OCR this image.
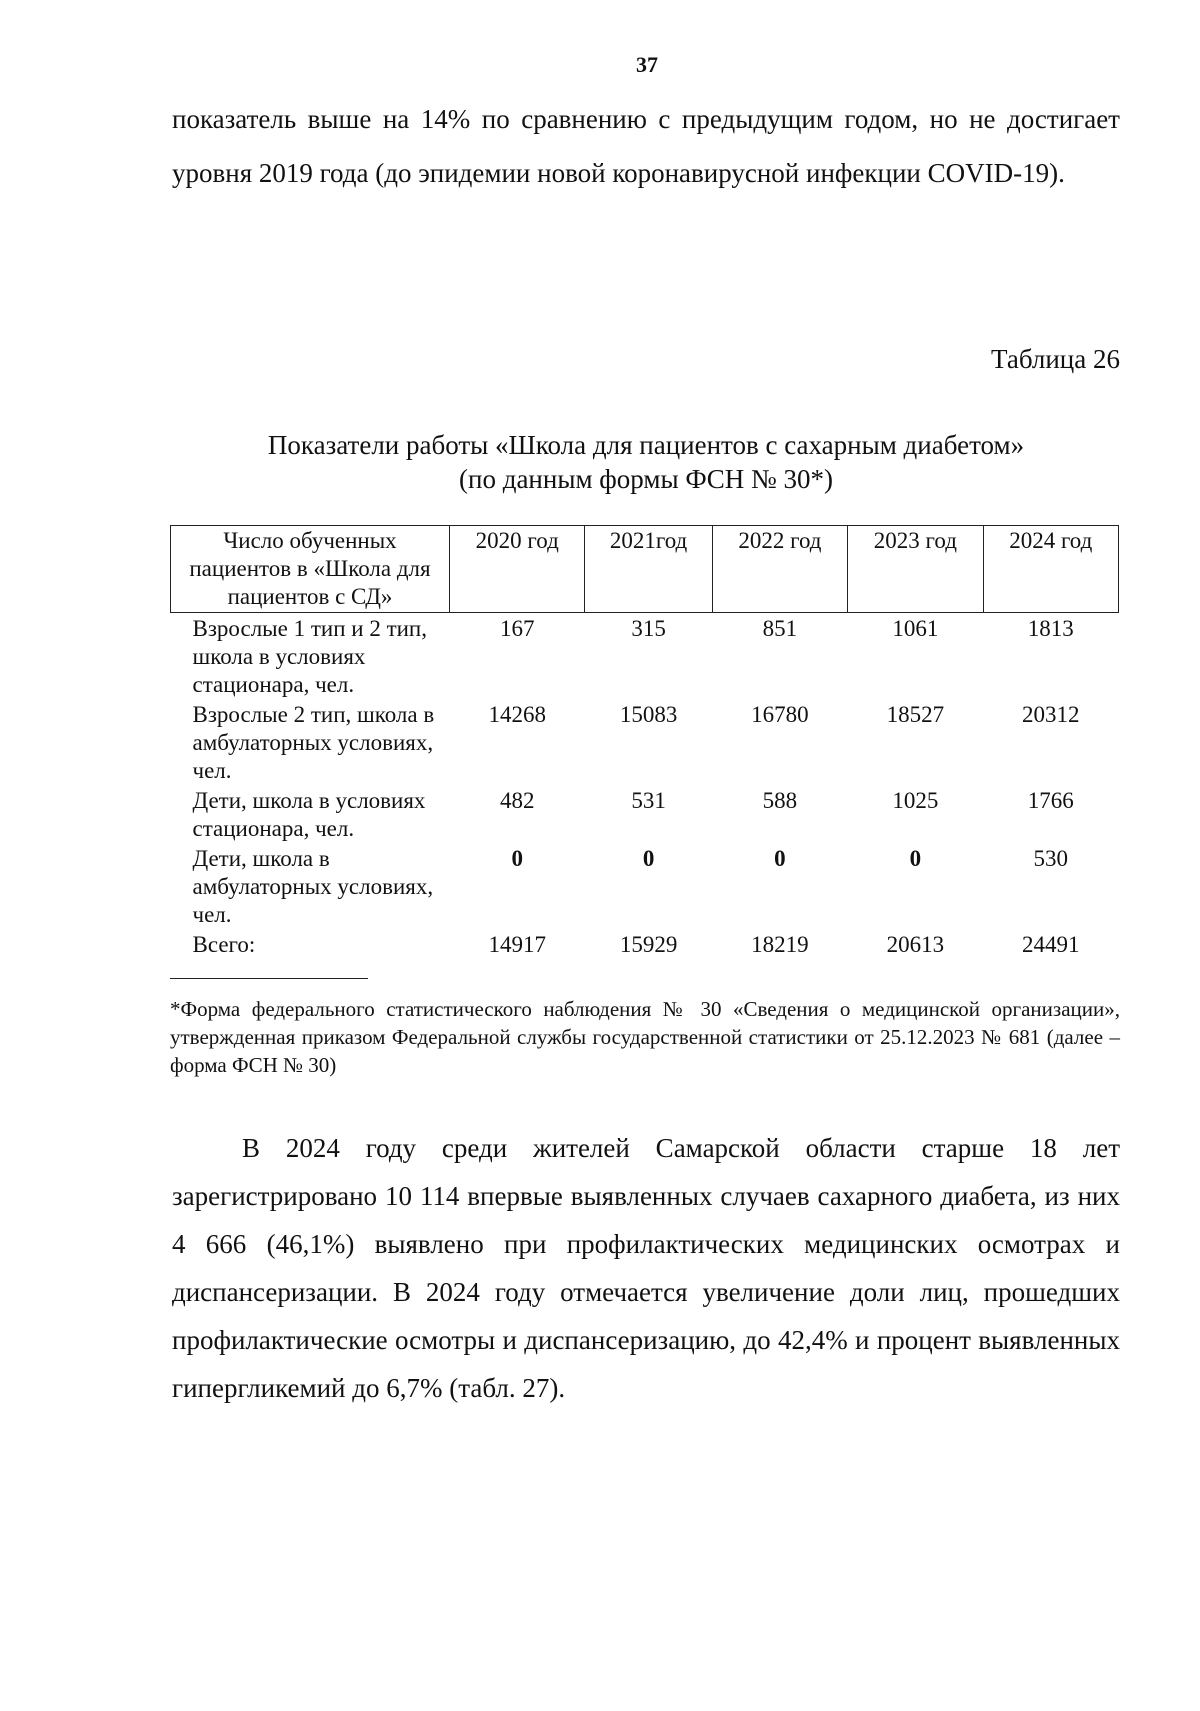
37
показатель выше на 14% по сравнению с предыдущим годом, но не достигает уровня 2019 года (до эпидемии новой коронавирусной инфекции COVID-19).
Таблица 26
Показатели работы «Школа для пациентов с сахарным диабетом»
(по данным формы ФСН № 30*)
Число обученных пациентов в «Школа для пациентов с СД»	2020 год	2021год	2022 год	2023 год	2024 год
Взрослые 1 тип и 2 тип, школа в условиях стационара, чел.	167	315	851	1061	1813
Взрослые 2 тип, школа в амбулаторных условиях, чел.	14268	15083	16780	18527	20312
Дети, школа в условиях стационара, чел.	482	531	588	1025	1766
Дети, школа в амбулаторных условиях, чел.	0	0	0	0	530
Всего:	14917	15929	18219	20613	24491
*Форма федерального статистического наблюдения № 30 «Сведения о медицинской организации», утвержденная приказом Федеральной службы государственной статистики от 25.12.2023 № 681 (далее – форма ФСН № 30)
В 2024 году среди жителей Самарской области старше 18 лет зарегистрировано 10 114 впервые выявленных случаев сахарного диабета, из них 4 666 (46,1%) выявлено при профилактических медицинских осмотрах и диспансеризации. В 2024 году отмечается увеличение доли лиц, прошедших профилактические осмотры и диспансеризацию, до 42,4% и процент выявленных гипергликемий до 6,7% (табл. 27).
